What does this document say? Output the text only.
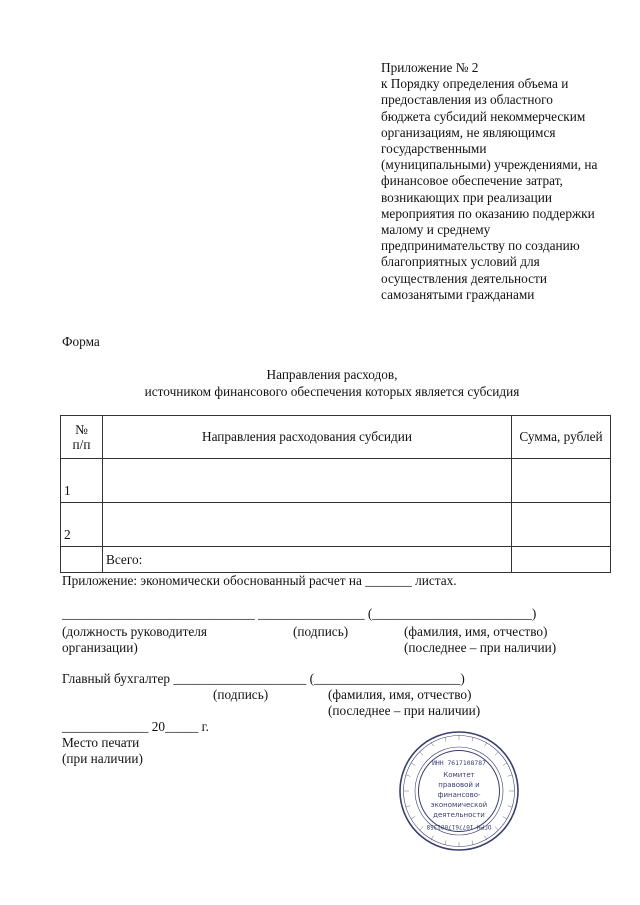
Приложение № 2
к Порядку определения объема и
предоставления из областного
бюджета субсидий некоммерческим
организациям, не являющимся
государственными
(муниципальными) учреждениями, на
финансовое обеспечение затрат,
возникающих при реализации
мероприятия по оказанию поддержки
малому и среднему
предпринимательству по созданию
благоприятных условий для
осуществления деятельности
самозанятыми гражданами
Форма
Направления расходов,
источником финансового обеспечения которых является субсидия
№
п/п	Направления расходования субсидии	Сумма, рублей
1		
2		
	Всего:	
Приложение: экономически обоснованный расчет на _______ листах.
_____________________________ ________________ (________________________)
(должность руководителя
организации)
(подпись)	(фамилия, имя, отчество)
(последнее – при наличии)
Главный бухгалтер ____________________ (______________________)
(подпись)	(фамилия, имя, отчество)
(последнее – при наличии)
_____________ 20_____ г.
Место печати
(при наличии)	ИНН 7617108787
Комитет
правовой и
финансово-
экономической
деятельности
ОГРН 1077617001358
